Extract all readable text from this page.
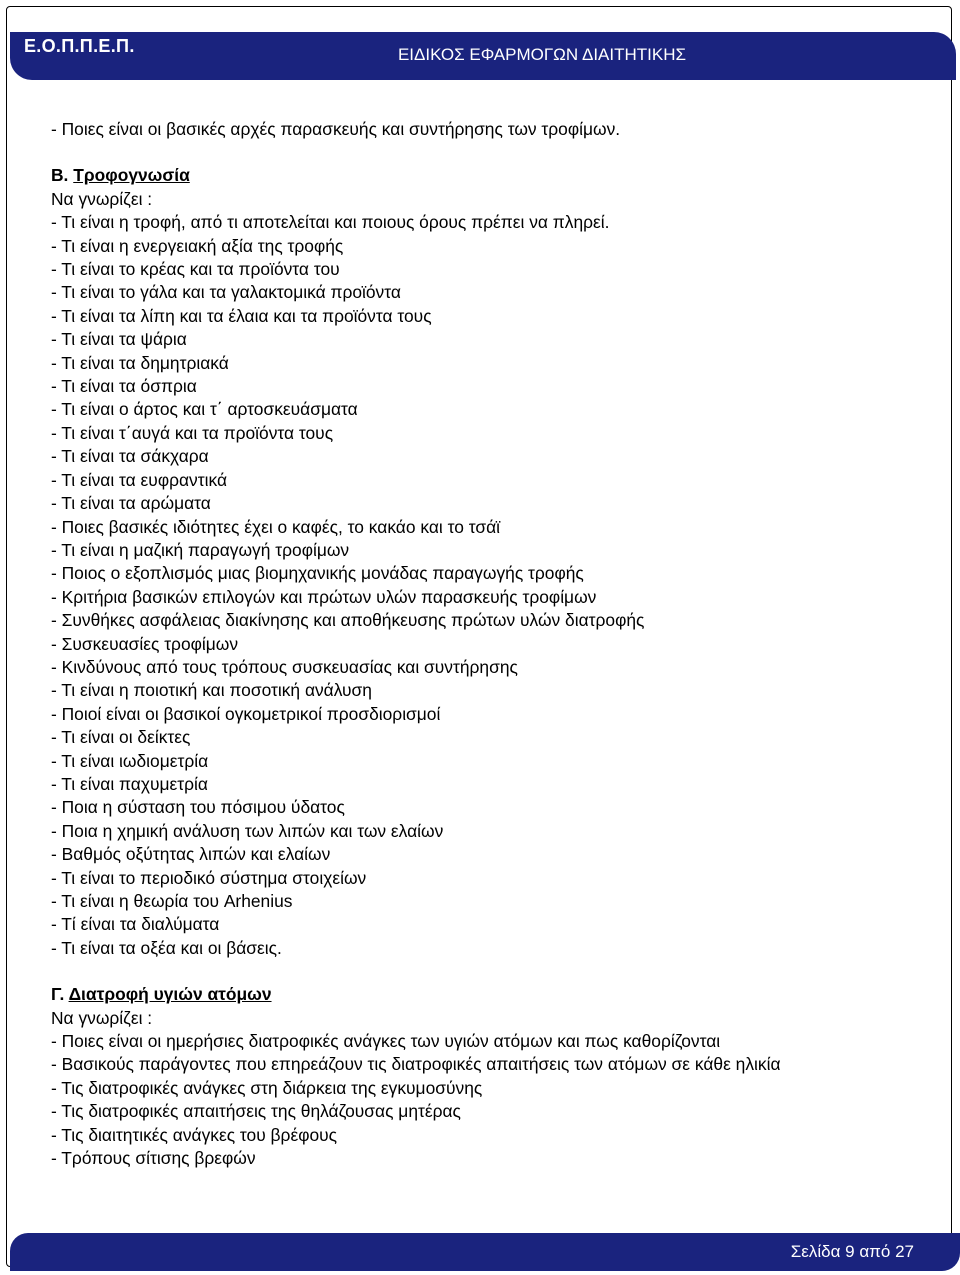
Ε.Ο.Π.Π.Ε.Π.	ΕΙΔΙΚΟΣ ΕΦΑΡΜΟΓΩΝ ΔΙΑΙΤΗΤΙΚΗΣ
- Ποιες είναι οι βασικές αρχές παρασκευής και συντήρησης των τροφίμων.
Β. Τροφογνωσία
Να γνωρίζει :
- Τι είναι η τροφή, από τι αποτελείται και ποιους όρους πρέπει να πληρεί.
- Τι είναι η ενεργειακή αξία της τροφής
- Τι είναι το κρέας και τα προϊόντα του
- Τι είναι το γάλα και τα γαλακτομικά προϊόντα
- Τι είναι τα λίπη και τα έλαια και τα προϊόντα τους
- Τι είναι τα ψάρια
- Τι είναι τα δημητριακά
- Τι είναι τα όσπρια
- Τι είναι ο άρτος και τ΄ αρτοσκευάσματα
- Τι είναι τ΄αυγά και τα προϊόντα τους
- Τι είναι τα σάκχαρα
- Τι είναι τα ευφραντικά
- Τι είναι τα αρώματα
- Ποιες βασικές ιδιότητες έχει ο καφές, το κακάο και το τσάϊ
- Τι είναι η μαζική παραγωγή τροφίμων
- Ποιος ο εξοπλισμός μιας βιομηχανικής μονάδας παραγωγής τροφής
- Κριτήρια βασικών επιλογών και πρώτων υλών παρασκευής τροφίμων
- Συνθήκες ασφάλειας διακίνησης και αποθήκευσης πρώτων υλών διατροφής
- Συσκευασίες τροφίμων
- Κινδύνους από τους τρόπους συσκευασίας και συντήρησης
- Τι είναι η ποιοτική και ποσοτική ανάλυση
- Ποιοί είναι οι βασικοί ογκομετρικοί προσδιορισμοί
- Τι είναι οι δείκτες
- Τι είναι ιωδιομετρία
- Τι είναι παχυμετρία
- Ποια η σύσταση του πόσιμου ύδατος
- Ποια η χημική ανάλυση των λιπών και των ελαίων
- Βαθμός οξύτητας λιπών και ελαίων
- Τι είναι το περιοδικό σύστημα στοιχείων
- Τι είναι η θεωρία του Arhenius
- Τί είναι τα διαλύματα
- Τι είναι τα οξέα και οι βάσεις.
Γ. Διατροφή υγιών ατόμων
Να γνωρίζει :
- Ποιες είναι οι ημερήσιες διατροφικές ανάγκες των υγιών ατόμων και πως καθορίζονται
- Βασικούς παράγοντες που επηρεάζουν τις διατροφικές απαιτήσεις των ατόμων σε κάθε ηλικία
- Τις διατροφικές ανάγκες στη διάρκεια της εγκυμοσύνης
- Τις διατροφικές απαιτήσεις της θηλάζουσας μητέρας
- Τις διαιτητικές ανάγκες του βρέφους
- Τρόπους σίτισης βρεφών
Σελίδα 9 από 27
